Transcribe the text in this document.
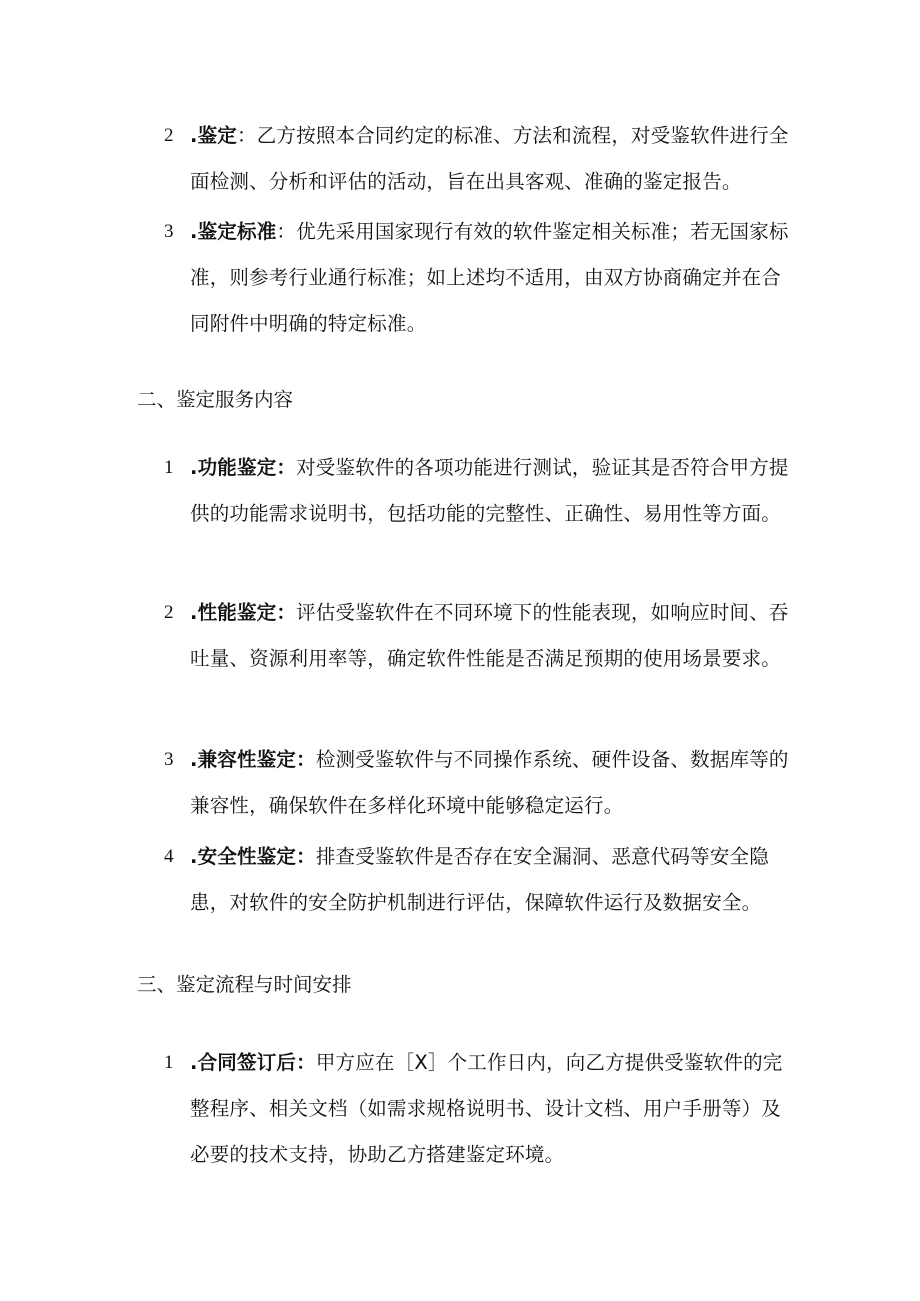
2 .鉴定：乙方按照本合同约定的标准、方法和流程，对受鉴软件进行全面检测、分析和评估的活动，旨在出具客观、准确的鉴定报告。
3 .鉴定标准：优先采用国家现行有效的软件鉴定相关标准；若无国家标准，则参考行业通行标准；如上述均不适用，由双方协商确定并在合同附件中明确的特定标准。
二、鉴定服务内容
1 .功能鉴定：对受鉴软件的各项功能进行测试，验证其是否符合甲方提供的功能需求说明书，包括功能的完整性、正确性、易用性等方面。
2 .性能鉴定：评估受鉴软件在不同环境下的性能表现，如响应时间、吞吐量、资源利用率等，确定软件性能是否满足预期的使用场景要求。
3 .兼容性鉴定：检测受鉴软件与不同操作系统、硬件设备、数据库等的兼容性，确保软件在多样化环境中能够稳定运行。
4 .安全性鉴定：排查受鉴软件是否存在安全漏洞、恶意代码等安全隐患，对软件的安全防护机制进行评估，保障软件运行及数据安全。
三、鉴定流程与时间安排
1 .合同签订后：甲方应在［X］个工作日内，向乙方提供受鉴软件的完整程序、相关文档（如需求规格说明书、设计文档、用户手册等）及必要的技术支持，协助乙方搭建鉴定环境。
